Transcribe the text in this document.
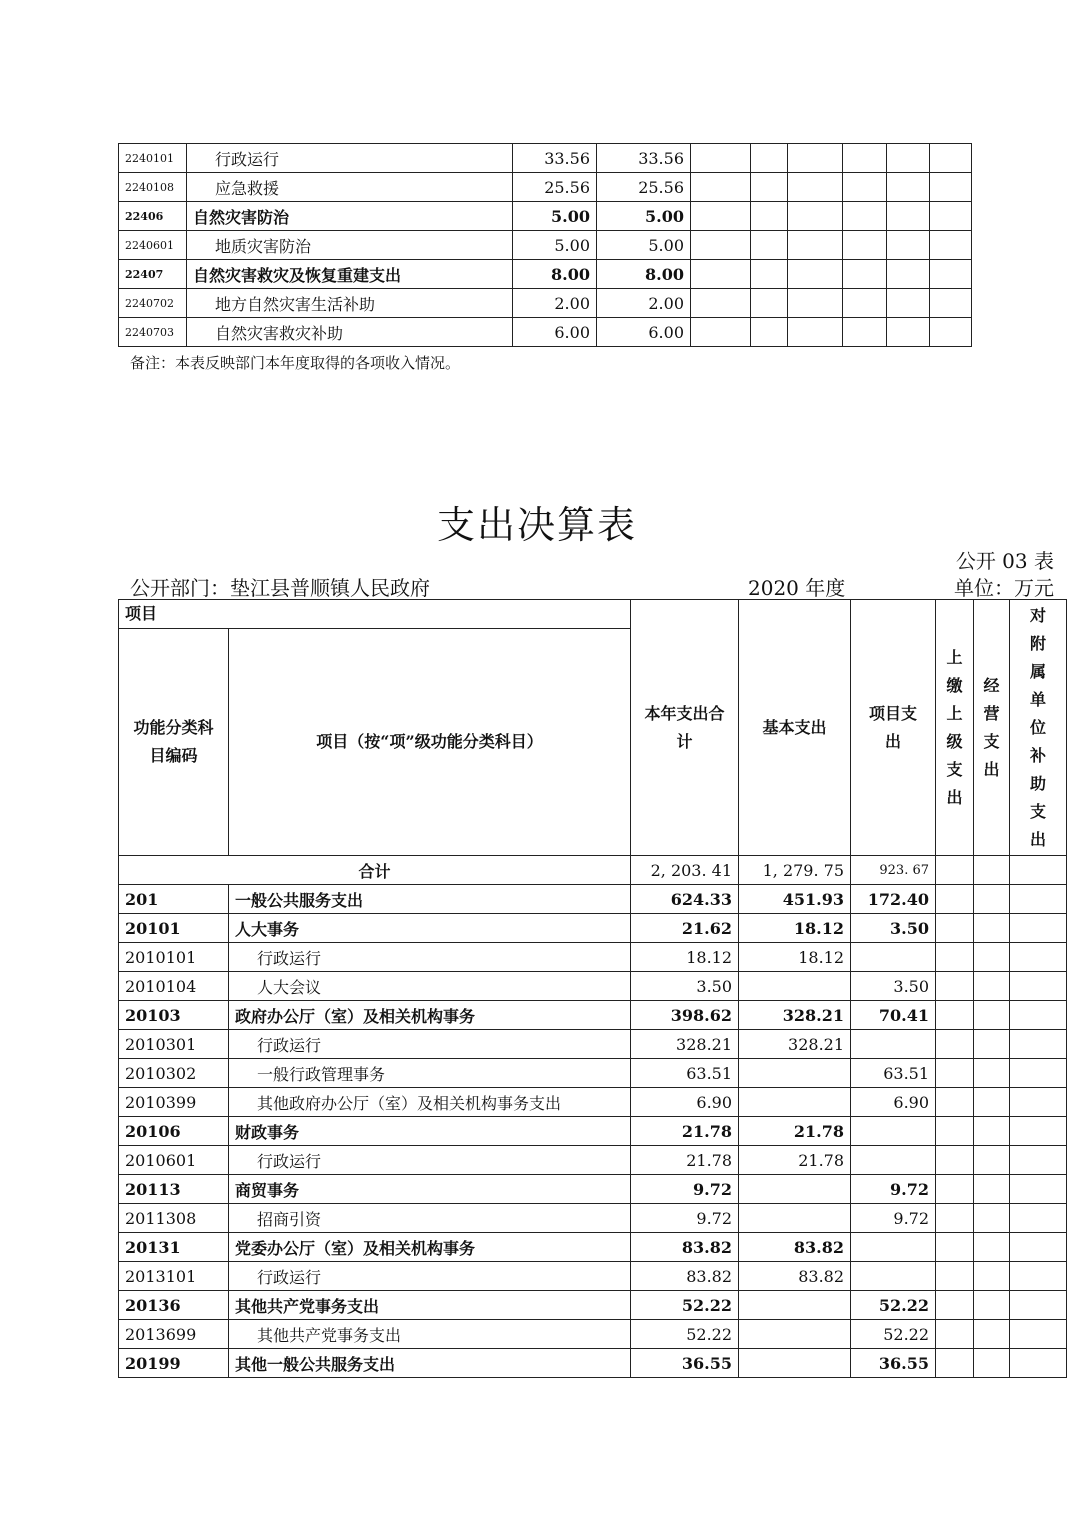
2240101	行政运行	33.56	33.56						
2240108	应急救援	25.56	25.56						
22406	自然灾害防治	5.00	5.00						
2240601	地质灾害防治	5.00	5.00						
22407	自然灾害救灾及恢复重建支出	8.00	8.00						
2240702	地方自然灾害生活补助	2.00	2.00						
2240703	自然灾害救灾补助	6.00	6.00						
备注：本表反映部门本年度取得的各项收入情况。
支出决算表
公开 03 表
公开部门：垫江县普顺镇人民政府	2020 年度	单位：万元
项目		本年支出合计	基本支出	项目支出	上缴上级支出	经营支出	对附属单位补助支出
功能分类科目编码	项目（按“项”级功能分类科目）						
合计		2, 203. 41	1, 279. 75	923. 67			
201	一般公共服务支出	624.33	451.93	172.40			
20101	人大事务	21.62	18.12	3.50			
2010101	行政运行	18.12	18.12				
2010104	人大会议	3.50		3.50			
20103	政府办公厅（室）及相关机构事务	398.62	328.21	70.41			
2010301	行政运行	328.21	328.21				
2010302	一般行政管理事务	63.51		63.51			
2010399	其他政府办公厅（室）及相关机构事务支出	6.90		6.90			
20106	财政事务	21.78	21.78				
2010601	行政运行	21.78	21.78				
20113	商贸事务	9.72		9.72			
2011308	招商引资	9.72		9.72			
20131	党委办公厅（室）及相关机构事务	83.82	83.82				
2013101	行政运行	83.82	83.82				
20136	其他共产党事务支出	52.22		52.22			
2013699	其他共产党事务支出	52.22		52.22			
20199	其他一般公共服务支出	36.55		36.55			
